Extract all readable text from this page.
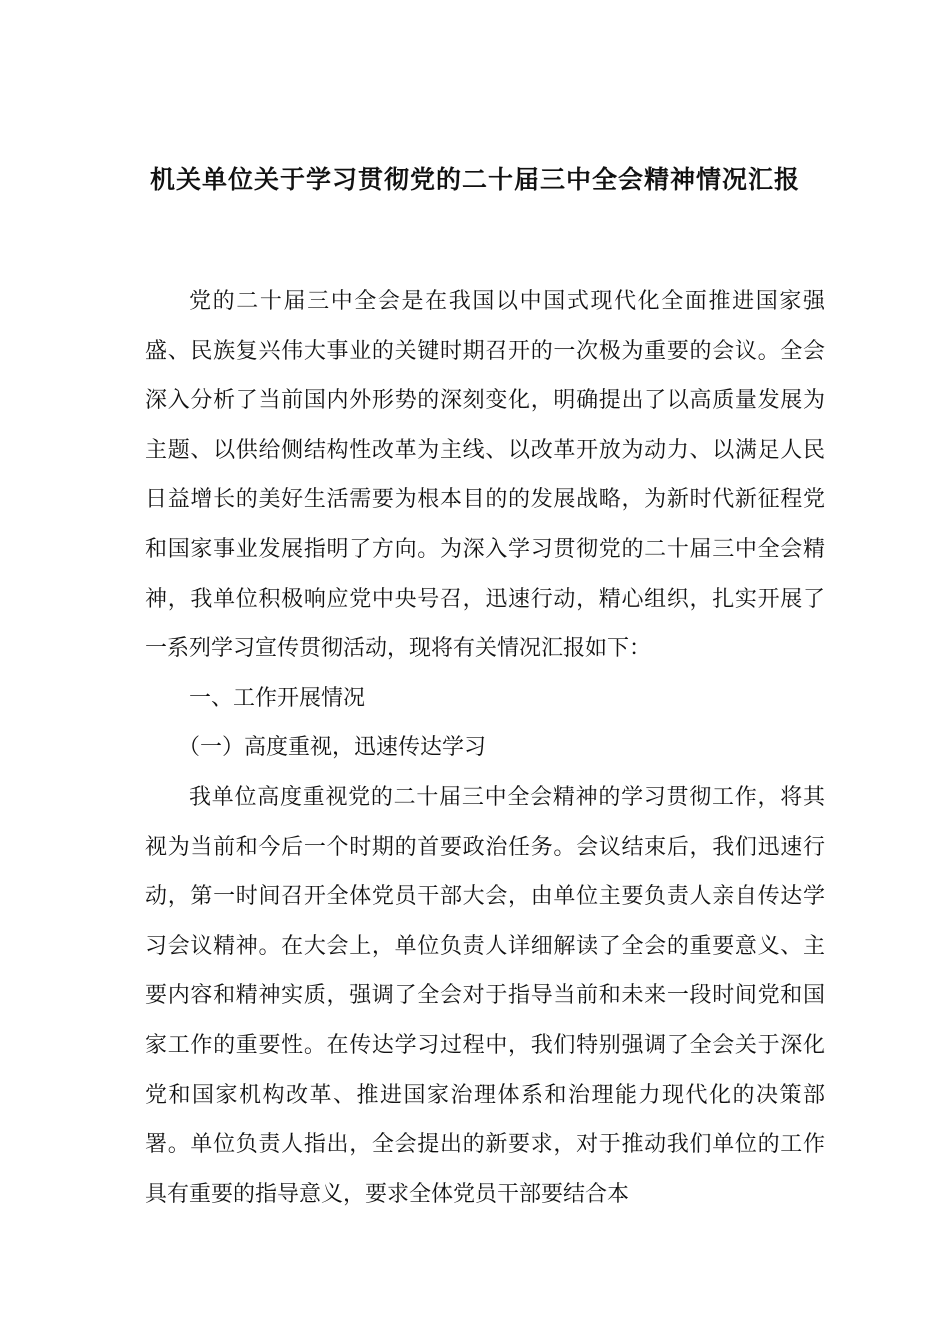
机关单位关于学习贯彻党的二十届三中全会精神情况汇报

党的二十届三中全会是在我国以中国式现代化全面推进国家强盛、民族复兴伟大事业的关键时期召开的一次极为重要的会议。全会深入分析了当前国内外形势的深刻变化，明确提出了以高质量发展为主题、以供给侧结构性改革为主线、以改革开放为动力、以满足人民日益增长的美好生活需要为根本目的的发展战略，为新时代新征程党和国家事业发展指明了方向。为深入学习贯彻党的二十届三中全会精神，我单位积极响应党中央号召，迅速行动，精心组织，扎实开展了一系列学习宣传贯彻活动，现将有关情况汇报如下：

一、工作开展情况

（一）高度重视，迅速传达学习

我单位高度重视党的二十届三中全会精神的学习贯彻工作，将其视为当前和今后一个时期的首要政治任务。会议结束后，我们迅速行动，第一时间召开全体党员干部大会，由单位主要负责人亲自传达学习会议精神。在大会上，单位负责人详细解读了全会的重要意义、主要内容和精神实质，强调了全会对于指导当前和未来一段时间党和国家工作的重要性。在传达学习过程中，我们特别强调了全会关于深化党和国家机构改革、推进国家治理体系和治理能力现代化的决策部署。单位负责人指出，全会提出的新要求，对于推动我们单位的工作具有重要的指导意义，要求全体党员干部要结合本
